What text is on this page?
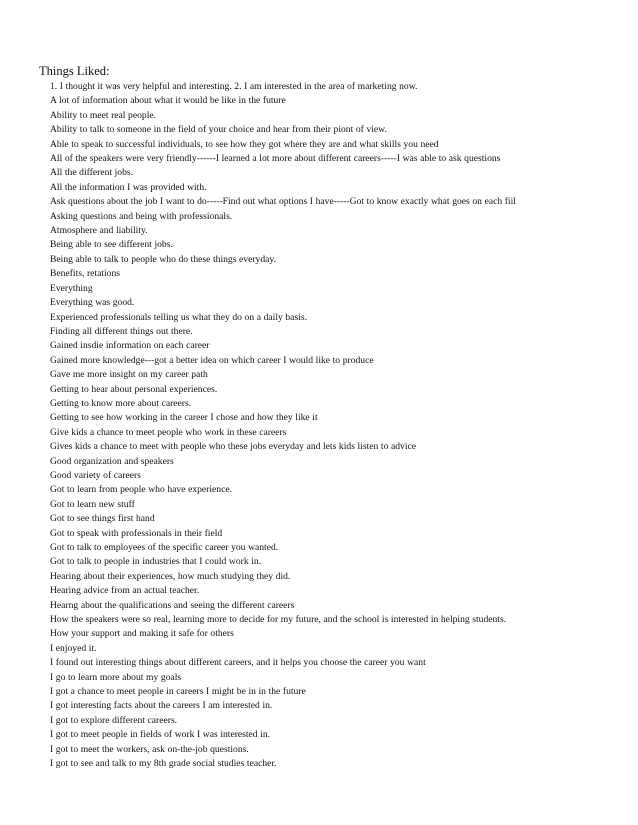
Things Liked:
1. I thought it was very helpful and interesting. 2. I am interested in the area of marketing now.
A lot of information about what it would be like in the future
Ability to meet real people.
Ability to talk to someone in the field of your choice and hear from their piont of view.
Able to speak to successful individuals, to see how they got where they are and what skills you need
All of the speakers were very friendly------I learned a lot more about different careers-----I was able to ask questions
All the different jobs.
All the information I was provided with.
Ask questions about the job I want to do-----Find out what options I have-----Got to know exactly what goes on each fiil
Asking questions and being with professionals.
Atmosphere and liability.
Being able to see different jobs.
Being able to talk to people who do these things everyday.
Benefits, retations
Everything
Everything was good.
Experienced professionals telling us what they do on a daily basis.
Finding all different things out there.
Gained insdie information on each career
Gained more knowledge---got a better idea on which career I would like to produce
Gave me more insight on my career path
Getting to hear about personal experiences.
Getting to know more about careers.
Getting to see how working in the career I chose and how they like it
Give kids a chance to meet people who work in these careers
Gives kids a chance to meet with people who these jobs everyday and lets kids listen to advice
Good organization and speakers
Good variety of careers
Got to learn from people who have experience.
Got to learn new stuff
Got to see things first hand
Got to speak with professionals in their field
Got to talk to employees of the specific career you wanted.
Got to talk to people in industries that I could work in.
Hearing about their experiences, how much studying they did.
Hearing advice from an actual teacher.
Hearng about the qualifications and seeing the different careers
How the speakers were so real, learning more to decide for my future, and the school is interested in helping students.
How your support and making it safe for others
I enjoyed it.
I found out interesting things about different careers, and it helps you choose the career you want
I go to learn more about my goals
I got a chance to meet people in careers I might be in in the future
I got interesting facts about the careers I am interested in.
I got to explore different careers.
I got to meet people in fields of work I was interested in.
I got to meet the workers, ask on-the-job questions.
I got to see and talk to my 8th grade social studies teacher.
